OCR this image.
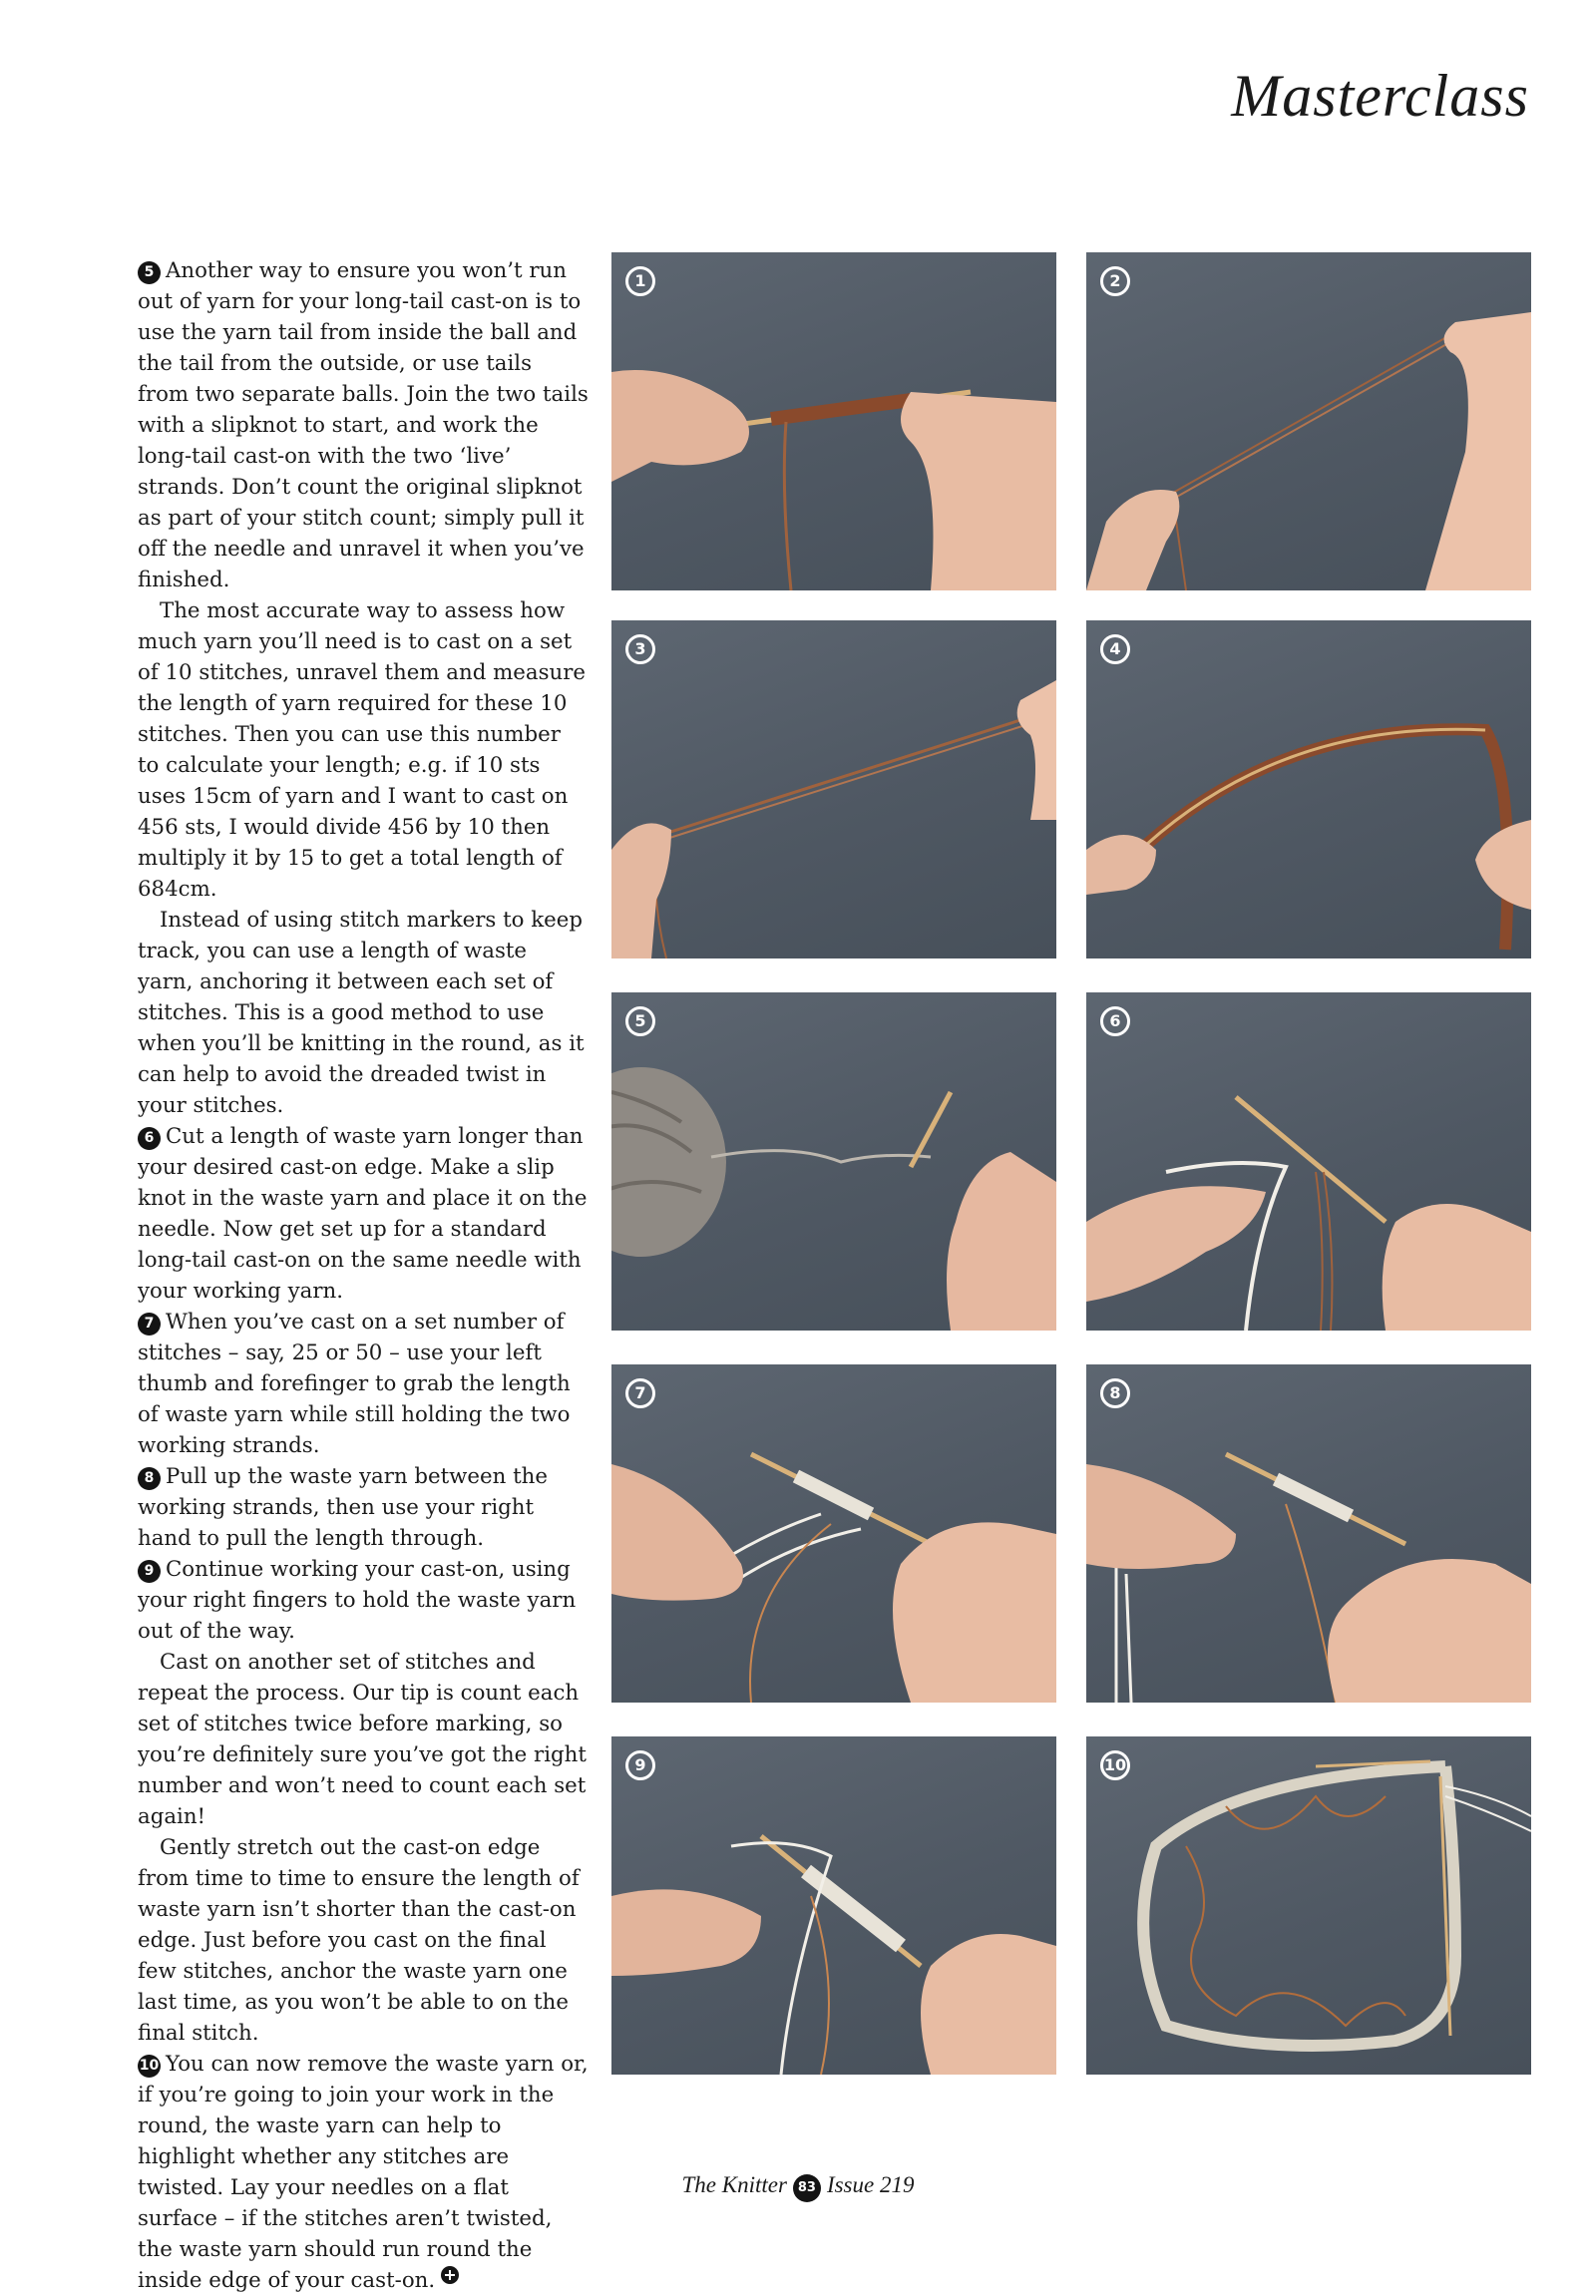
Masterclass

5 Another way to ensure you won’t run out of yarn for your long-tail cast-on is to use the yarn tail from inside the ball and the tail from the outside, or use tails from two separate balls. Join the two tails with a slipknot to start, and work the long-tail cast-on with the two ‘live’ strands. Don’t count the original slipknot as part of your stitch count; simply pull it off the needle and unravel it when you’ve finished.

The most accurate way to assess how much yarn you’ll need is to cast on a set of 10 stitches, unravel them and measure the length of yarn required for these 10 stitches. Then you can use this number to calculate your length; e.g. if 10 sts uses 15cm of yarn and I want to cast on 456 sts, I would divide 456 by 10 then multiply it by 15 to get a total length of 684cm.

Instead of using stitch markers to keep track, you can use a length of waste yarn, anchoring it between each set of stitches. This is a good method to use when you’ll be knitting in the round, as it can help to avoid the dreaded twist in your stitches.

6 Cut a length of waste yarn longer than your desired cast-on edge. Make a slip knot in the waste yarn and place it on the needle. Now get set up for a standard long-tail cast-on on the same needle with your working yarn.

7 When you’ve cast on a set number of stitches – say, 25 or 50 – use your left thumb and forefinger to grab the length of waste yarn while still holding the two working strands.

8 Pull up the waste yarn between the working strands, then use your right hand to pull the length through.

9 Continue working your cast-on, using your right fingers to hold the waste yarn out of the way.

Cast on another set of stitches and repeat the process. Our tip is count each set of stitches twice before marking, so you’re definitely sure you’ve got the right number and won’t need to count each set again!

Gently stretch out the cast-on edge from time to time to ensure the length of waste yarn isn’t shorter than the cast-on edge. Just before you cast on the final few stitches, anchor the waste yarn one last time, as you won’t be able to on the final stitch.

10 You can now remove the waste yarn or, if you’re going to join your work in the round, the waste yarn can help to highlight whether any stitches are twisted. Lay your needles on a flat surface – if the stitches aren’t twisted, the waste yarn should run round the inside edge of your cast-on.

1	2
3	4
5	6
7	8
9	10
The Knitter 83 Issue 219
